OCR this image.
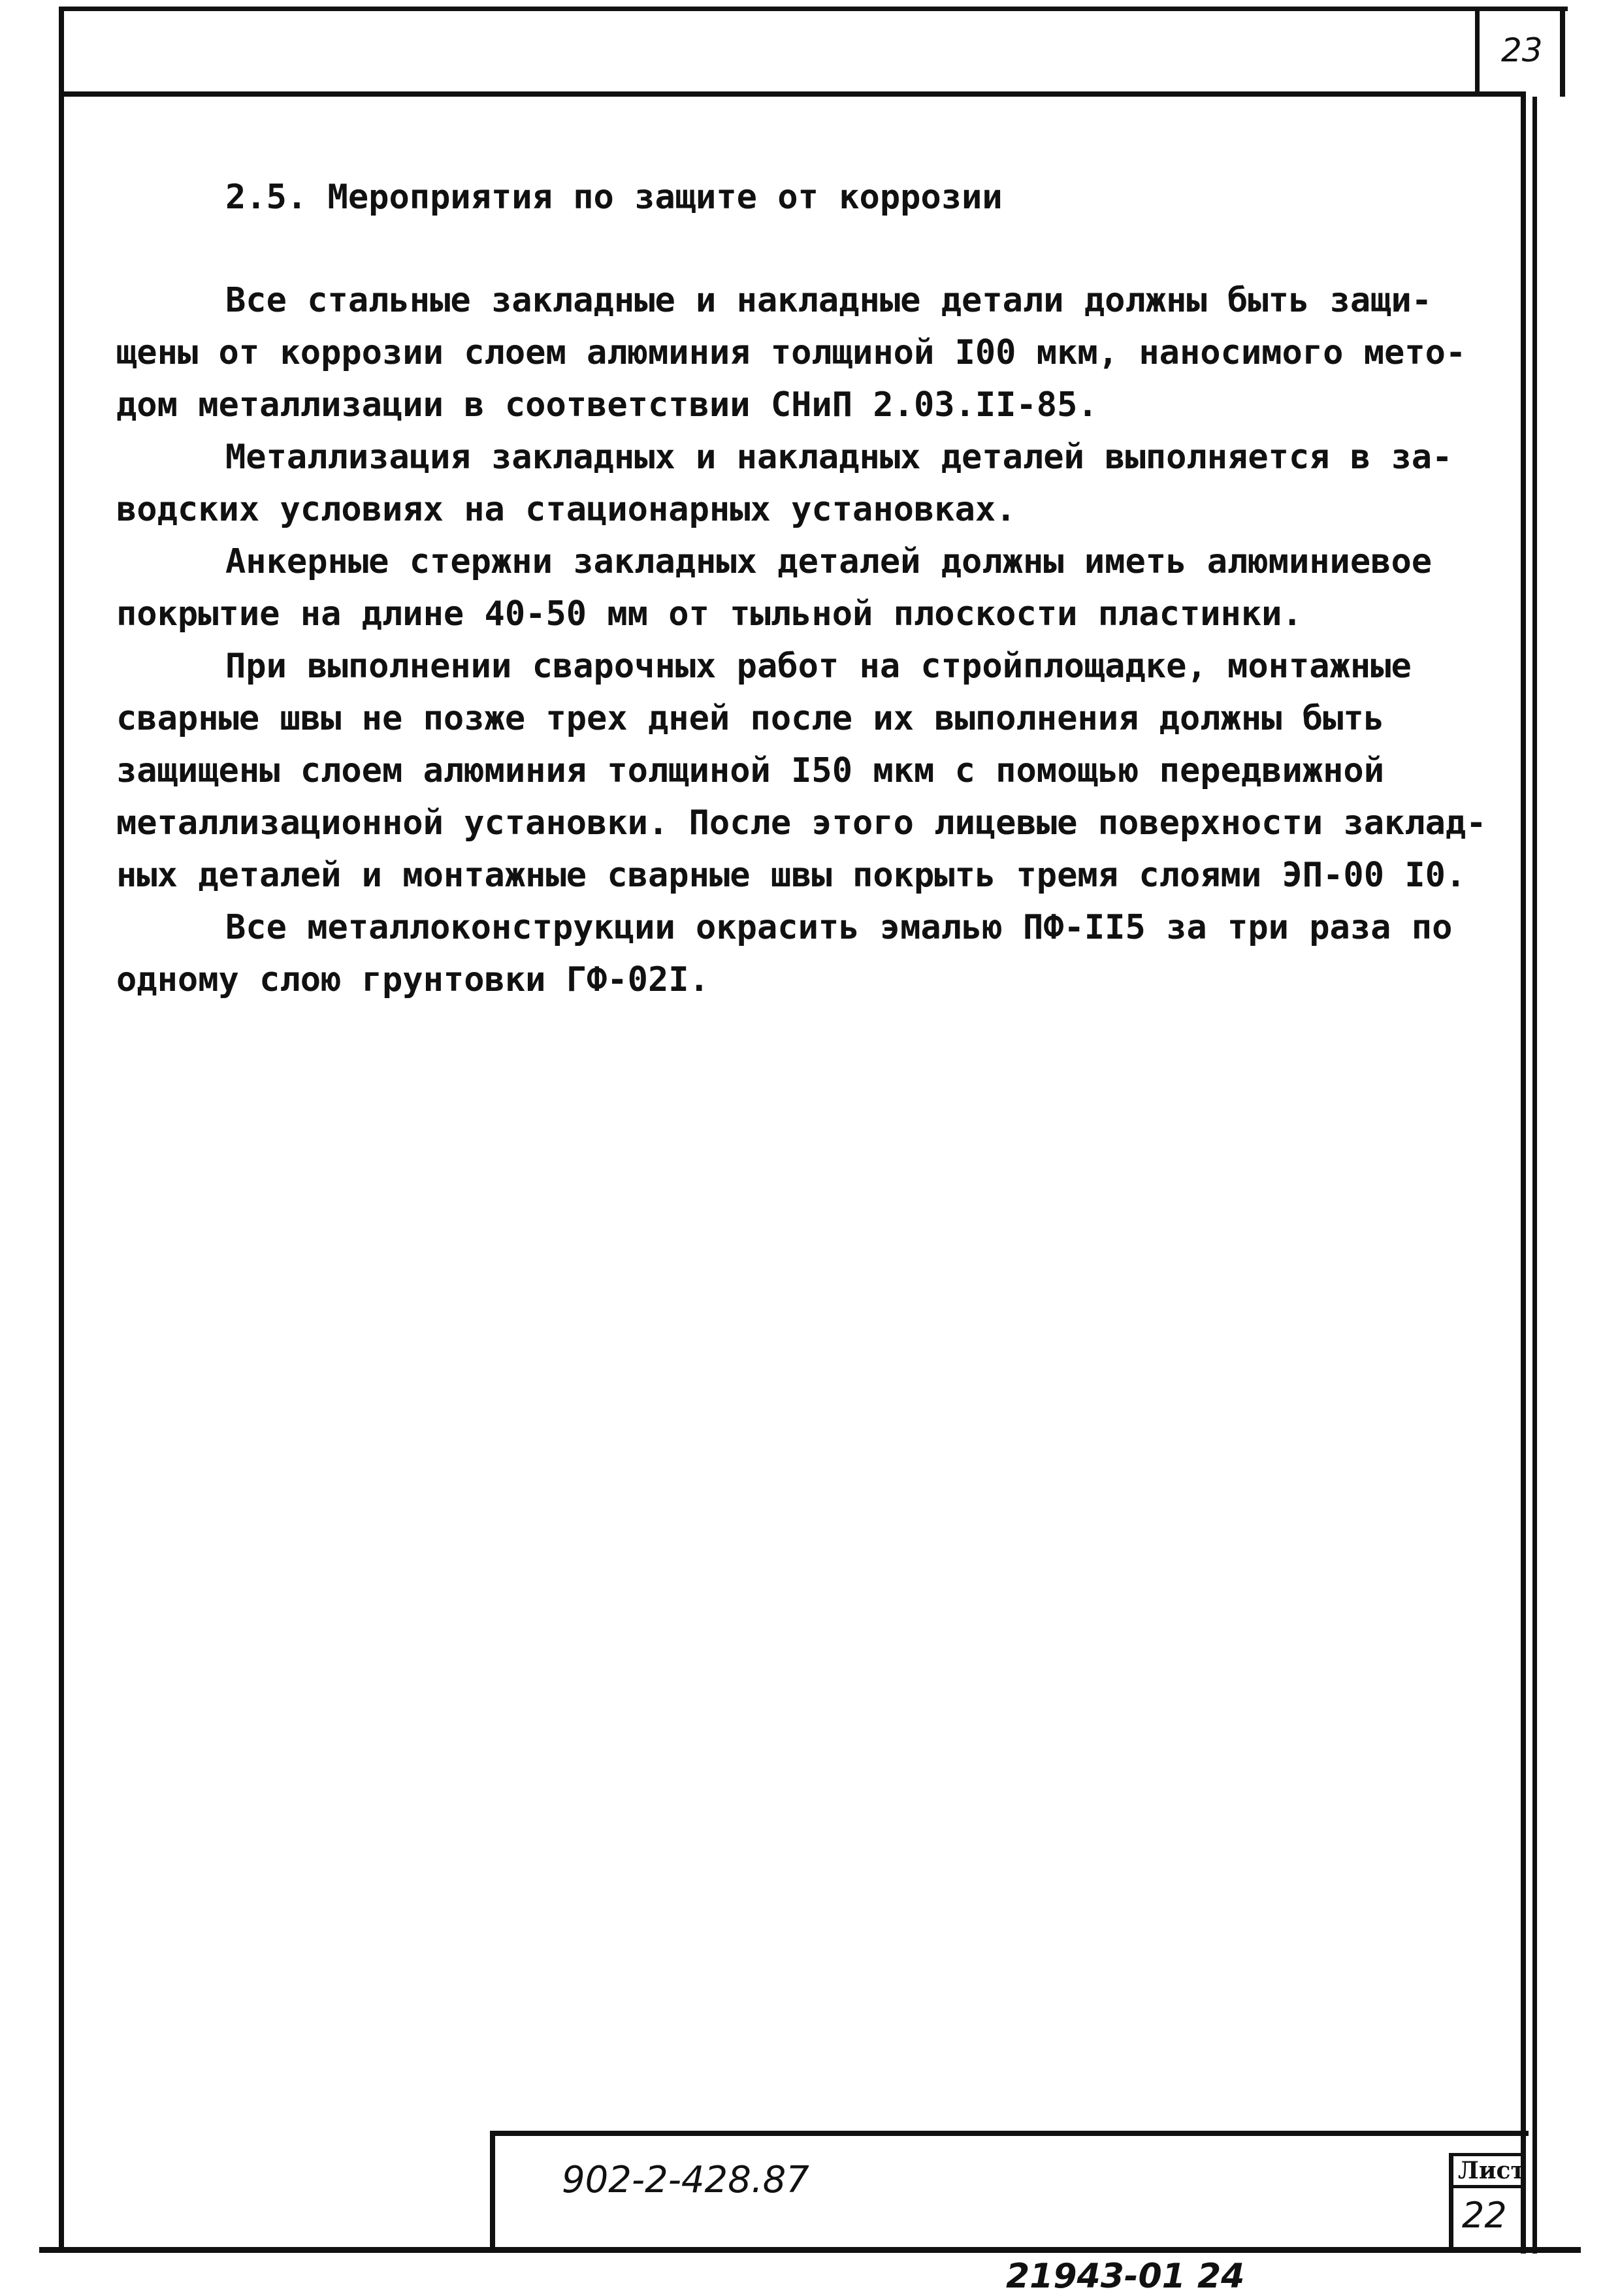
23
2.5. Мероприятия по защите от коррозии
Все стальные закладные и накладные детали должны быть защи-
щены от коррозии слоем алюминия толщиной I00 мкм, наносимого мето-
дом металлизации в соответствии СНиП 2.03.II-85.
Металлизация закладных и накладных деталей выполняется в за-
водских условиях на стационарных установках.
Анкерные стержни закладных деталей должны иметь алюминиевое
покрытие на длине 40-50 мм от тыльной плоскости пластинки.
При выполнении сварочных работ на стройплощадке, монтажные
сварные швы не позже трех дней после их выполнения должны быть
защищены слоем алюминия толщиной I50 мкм с помощью передвижной
металлизационной установки. После этого лицевые поверхности заклад-
ных деталей и монтажные сварные швы покрыть тремя слоями ЭП-00 I0.
Все металлоконструкции окрасить эмалью ПФ-II5 за три раза по
одному слою грунтовки ГФ-02I.
902-2-428.87	Лист
22
21943-01 24
